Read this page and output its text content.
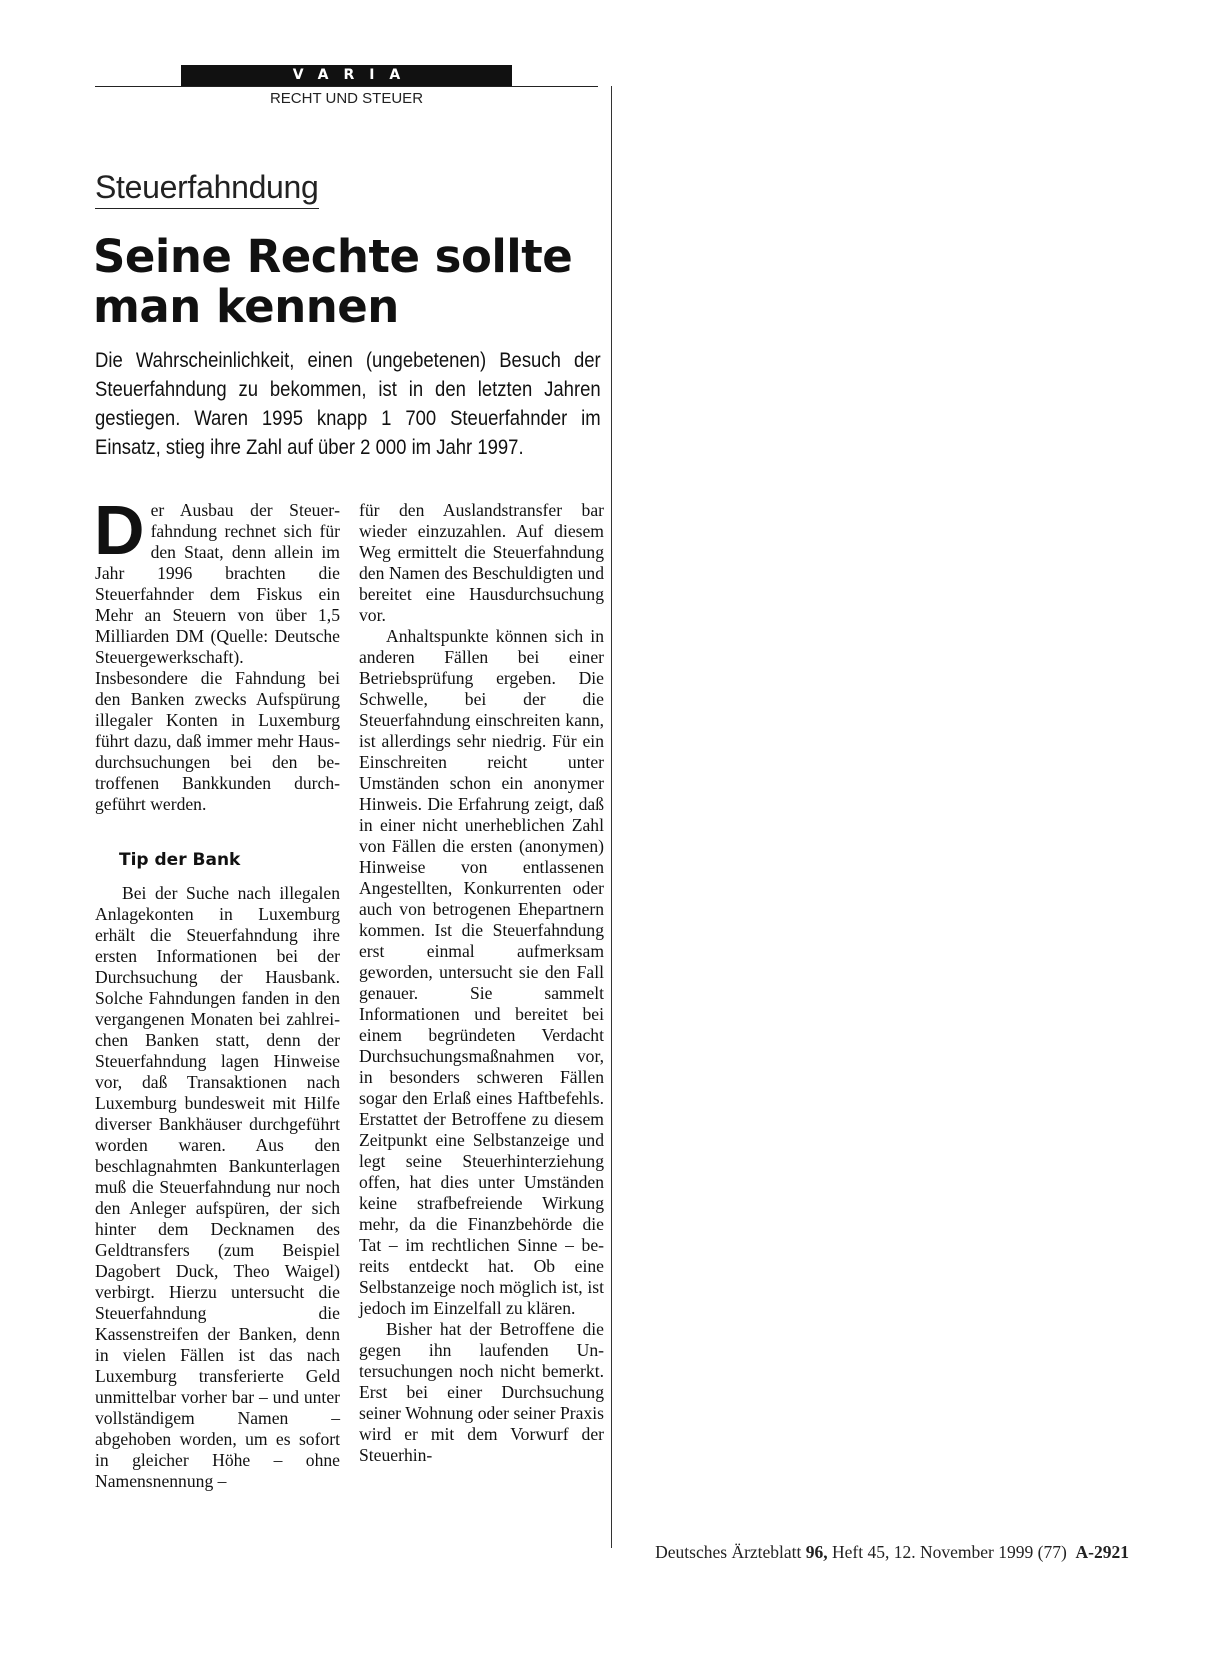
VARIA
RECHT UND STEUER
Steuerfahndung
Seine Rechte sollte man kennen
Die Wahrscheinlichkeit, einen (ungebetenen) Besuch der Steuerfahndung zu bekommen, ist in den letzten Jahren gestiegen. Waren 1995 knapp 1 700 Steuerfahnder im Einsatz, stieg ihre Zahl auf über 2 000 im Jahr 1997.

Der Ausbau der Steuerfahndung rechnet sich für den Staat, denn allein im Jahr 1996 brachten die Steuerfahnder dem Fiskus ein Mehr an Steuern von über 1,5 Milliarden DM (Quelle: Deutsche Steuergewerkschaft). Insbesondere die Fahndung bei den Banken zwecks Aufspürung illegaler Konten in Luxemburg führt dazu, daß immer mehr Hausdurchsuchungen bei den betroffenen Bankkunden durchgeführt werden.

Tip der Bank

Bei der Suche nach illegalen Anlagekonten in Luxemburg erhält die Steuerfahndung ihre ersten Informationen bei der Durchsuchung der Hausbank. Solche Fahndungen fanden in den vergangenen Monaten bei zahlreichen Banken statt, denn der Steuerfahndung lagen Hinweise vor, daß Transaktionen nach Luxemburg bundesweit mit Hilfe diverser Bankhäuser durchgeführt worden waren. Aus den beschlagnahmten Bankunterlagen muß die Steuerfahndung nur noch den Anleger aufspüren, der sich hinter dem Decknamen des Geldtransfers (zum Beispiel Dagobert Duck, Theo Waigel) verbirgt. Hierzu untersucht die Steuerfahndung die Kassenstreifen der Banken, denn in vielen Fällen ist das nach Luxemburg transferierte Geld unmittelbar vorher bar – und unter vollständigem Namen – abgehoben worden, um es sofort in gleicher Höhe – ohne Namensnennung –

für den Auslandstransfer bar wieder einzuzahlen. Auf diesem Weg ermittelt die Steuerfahndung den Namen des Beschuldigten und bereitet eine Hausdurchsuchung vor.

Anhaltspunkte können sich in anderen Fällen bei einer Betriebsprüfung ergeben. Die Schwelle, bei der die Steuerfahndung einschreiten kann, ist allerdings sehr niedrig. Für ein Einschreiten reicht unter Umständen schon ein anonymer Hinweis. Die Erfahrung zeigt, daß in einer nicht unerheblichen Zahl von Fällen die ersten (anonymen) Hinweise von entlassenen Angestellten, Konkurrenten oder auch von betrogenen Ehepartnern kommen. Ist die Steuerfahndung erst einmal aufmerksam geworden, untersucht sie den Fall genauer. Sie sammelt Informationen und bereitet bei einem begründeten Verdacht Durchsuchungsmaßnahmen vor, in besonders schweren Fällen sogar den Erlaß eines Haftbefehls. Erstattet der Betroffene zu diesem Zeitpunkt eine Selbstanzeige und legt seine Steuerhinterziehung offen, hat dies unter Umständen keine strafbefreiende Wirkung mehr, da die Finanzbehörde die Tat – im rechtlichen Sinne – bereits entdeckt hat. Ob eine Selbstanzeige noch möglich ist, ist jedoch im Einzelfall zu klären.

Bisher hat der Betroffene die gegen ihn laufenden Untersuchungen noch nicht bemerkt. Erst bei einer Durchsuchung seiner Wohnung oder seiner Praxis wird er mit dem Vorwurf der Steuerhin-

Deutsches Ärzteblatt 96, Heft 45, 12. November 1999 (77) A-2921
